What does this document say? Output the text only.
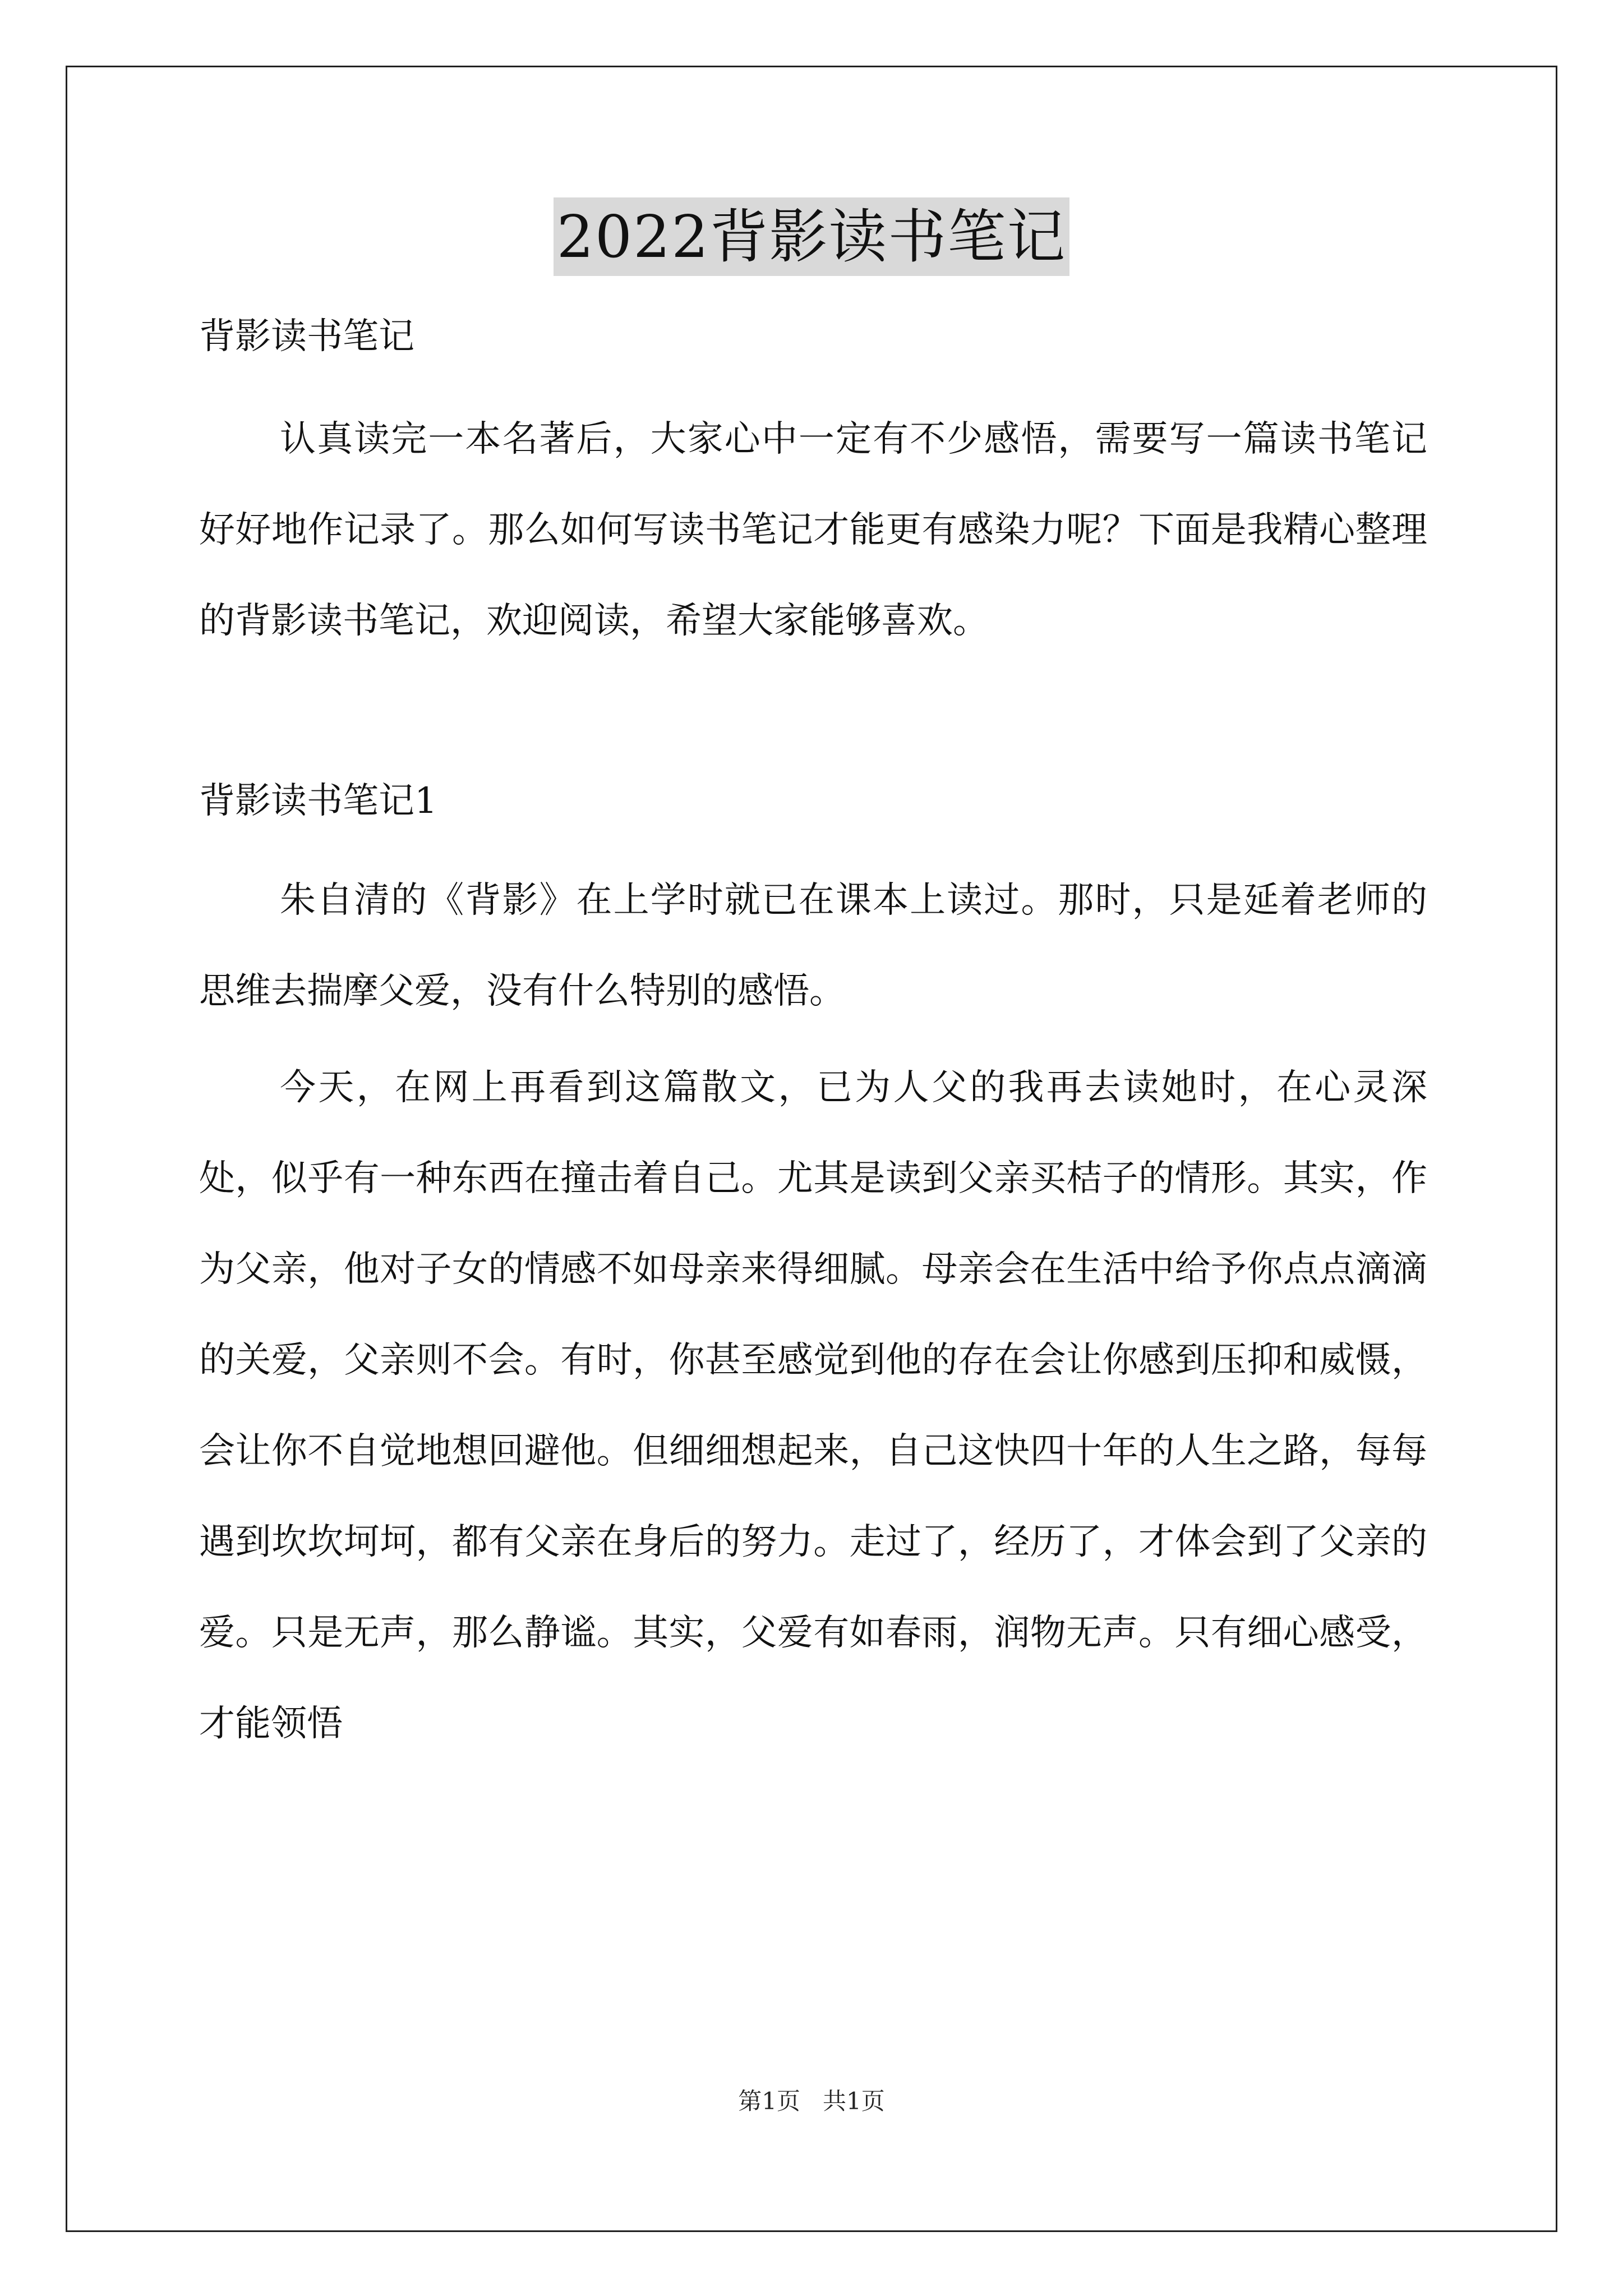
2022背影读书笔记

背影读书笔记

认真读完一本名著后，大家心中一定有不少感悟，需要写一篇读书笔记好好地作记录了。那么如何写读书笔记才能更有感染力呢？下面是我精心整理的背影读书笔记，欢迎阅读，希望大家能够喜欢。

背影读书笔记1

朱自清的《背影》在上学时就已在课本上读过。那时，只是延着老师的思维去揣摩父爱，没有什么特别的感悟。

今天，在网上再看到这篇散文，已为人父的我再去读她时，在心灵深处，似乎有一种东西在撞击着自己。尤其是读到父亲买桔子的情形。其实，作为父亲，他对子女的情感不如母亲来得细腻。母亲会在生活中给予你点点滴滴的关爱，父亲则不会。有时，你甚至感觉到他的存在会让你感到压抑和威慑，会让你不自觉地想回避他。但细细想起来，自己这快四十年的人生之路，每每遇到坎坎坷坷，都有父亲在身后的努力。走过了，经历了，才体会到了父亲的爱。只是无声，那么静谧。其实，父爱有如春雨，润物无声。只有细心感受，才能领悟

第1页   共1页
